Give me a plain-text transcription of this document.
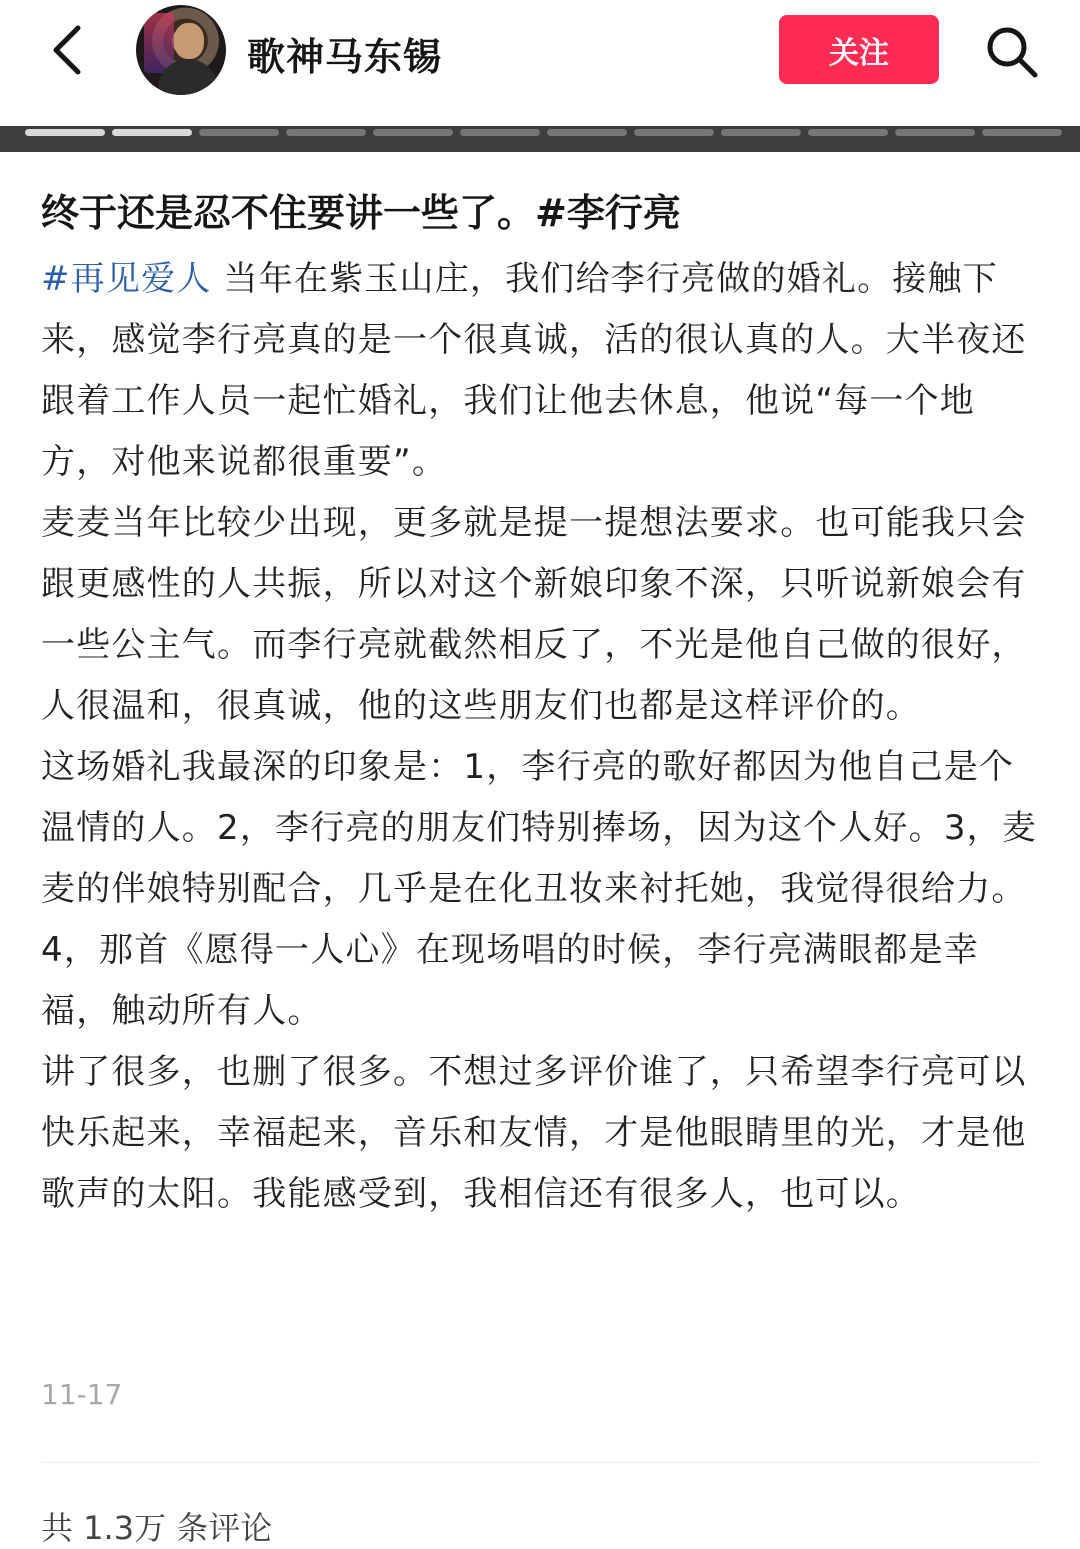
歌神马东锡	关注
终于还是忍不住要讲一些了。#李行亮

#再见爱人 当年在紫玉山庄，我们给李行亮做的婚礼。接触下来，感觉李行亮真的是一个很真诚，活的很认真的人。大半夜还跟着工作人员一起忙婚礼，我们让他去休息，他说“每一个地方，对他来说都很重要”。

麦麦当年比较少出现，更多就是提一提想法要求。也可能我只会跟更感性的人共振，所以对这个新娘印象不深，只听说新娘会有一些公主气。而李行亮就截然相反了，不光是他自己做的很好，人很温和，很真诚，他的这些朋友们也都是这样评价的。

这场婚礼我最深的印象是：1，李行亮的歌好都因为他自己是个温情的人。2，李行亮的朋友们特别捧场，因为这个人好。3，麦麦的伴娘特别配合，几乎是在化丑妆来衬托她，我觉得很给力。4，那首《愿得一人心》在现场唱的时候，李行亮满眼都是幸福，触动所有人。

讲了很多，也删了很多。不想过多评价谁了，只希望李行亮可以快乐起来，幸福起来，音乐和友情，才是他眼睛里的光，才是他歌声的太阳。我能感受到，我相信还有很多人，也可以。

11-17
共 1.3万 条评论
